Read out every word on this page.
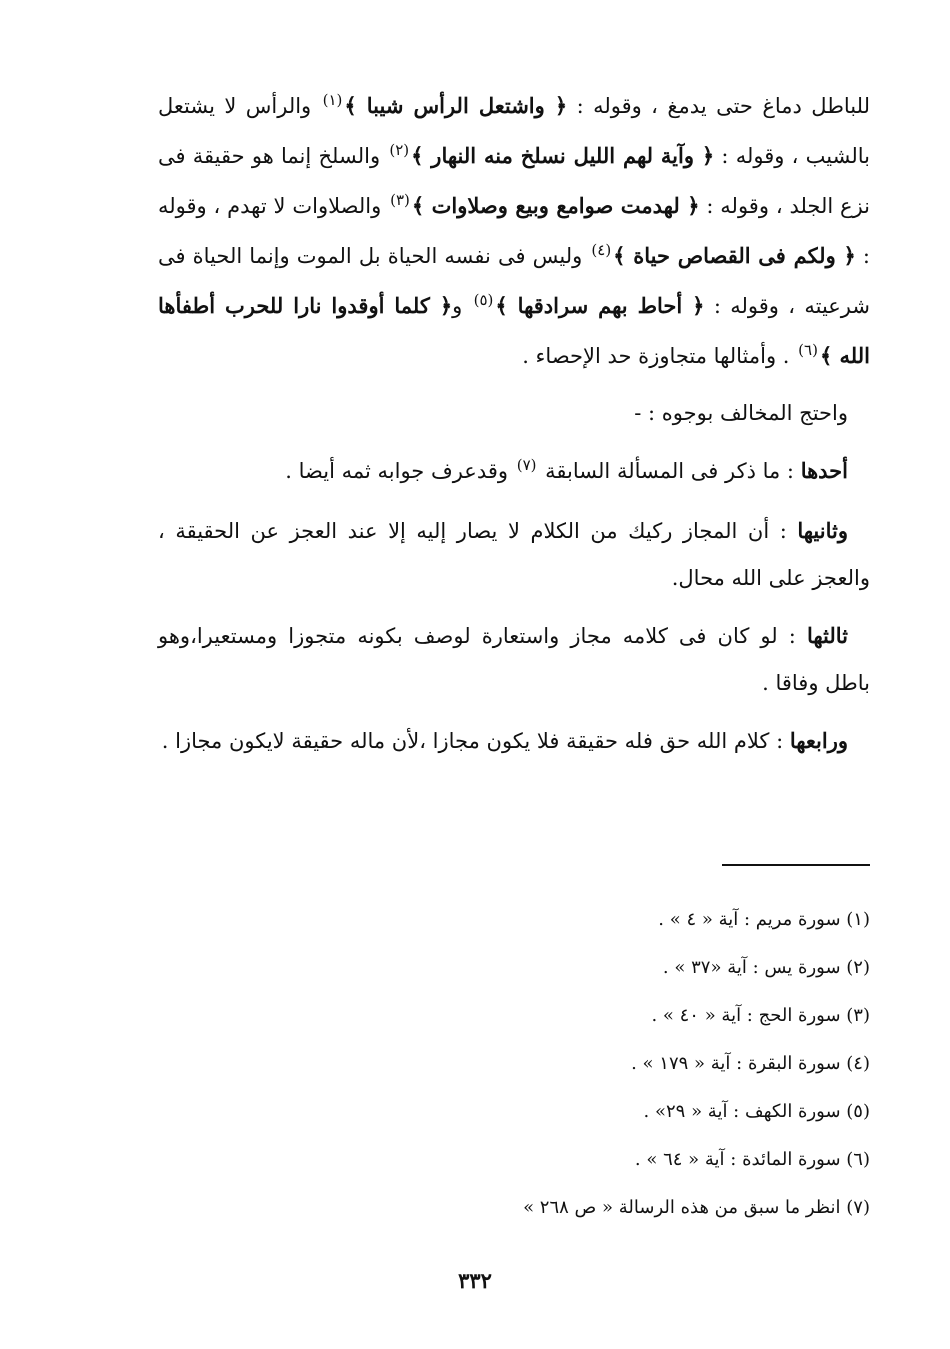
للباطل دماغ حتى يدمغ ، وقوله : ﴿ واشتعل الرأس شيبا ﴾$^{(١)}$ والرأس لا يشتعل بالشيب ، وقوله : ﴿ وآية لهم الليل نسلخ منه النهار ﴾$^{(٢)}$ والسلخ إنما هو حقيقة فى نزع الجلد ، وقوله : ﴿ لهدمت صوامع وبيع وصلاوات ﴾$^{(٣)}$ والصلاوات لا تهدم ، وقوله : ﴿ ولكم فى القصاص حياة ﴾$^{(٤)}$ وليس فى نفسه الحياة بل الموت وإنما الحياة فى شرعيته ، وقوله : ﴿ أحاط بهم سرادقها ﴾$^{(٥)}$ و﴿ كلما أوقدوا نارا للحرب أطفأها الله ﴾$^{(٦)}$ . وأمثالها متجاوزة حد الإحصاء .

واحتج المخالف بوجوه : -

أحدها : ما ذكر فى المسألة السابقة $^{(٧)}$ وقدعرف جوابه ثمه أيضا .

وثانيها : أن المجاز ركيك من الكلام لا يصار إليه إلا عند العجز عن الحقيقة ، والعجز على الله محال.

ثالثها : لو كان فى كلامه مجاز واستعارة لوصف بكونه متجوزا ومستعيرا،وهو باطل وفاقا .

ورابعها : كلام الله حق فله حقيقة فلا يكون مجازا ،لأن ماله حقيقة لايكون مجازا .

(١) سورة مريم : آية « ٤ » .
(٢) سورة يس : آية «٣٧ » .
(٣) سورة الحج : آية « ٤٠ » .
(٤) سورة البقرة : آية « ١٧٩ » .
(٥) سورة الكهف : آية « ٢٩» .
(٦) سورة المائدة : آية « ٦٤ » .
(٧) انظر ما سبق من هذه الرسالة « ص ٢٦٨ »
٣٣٢
